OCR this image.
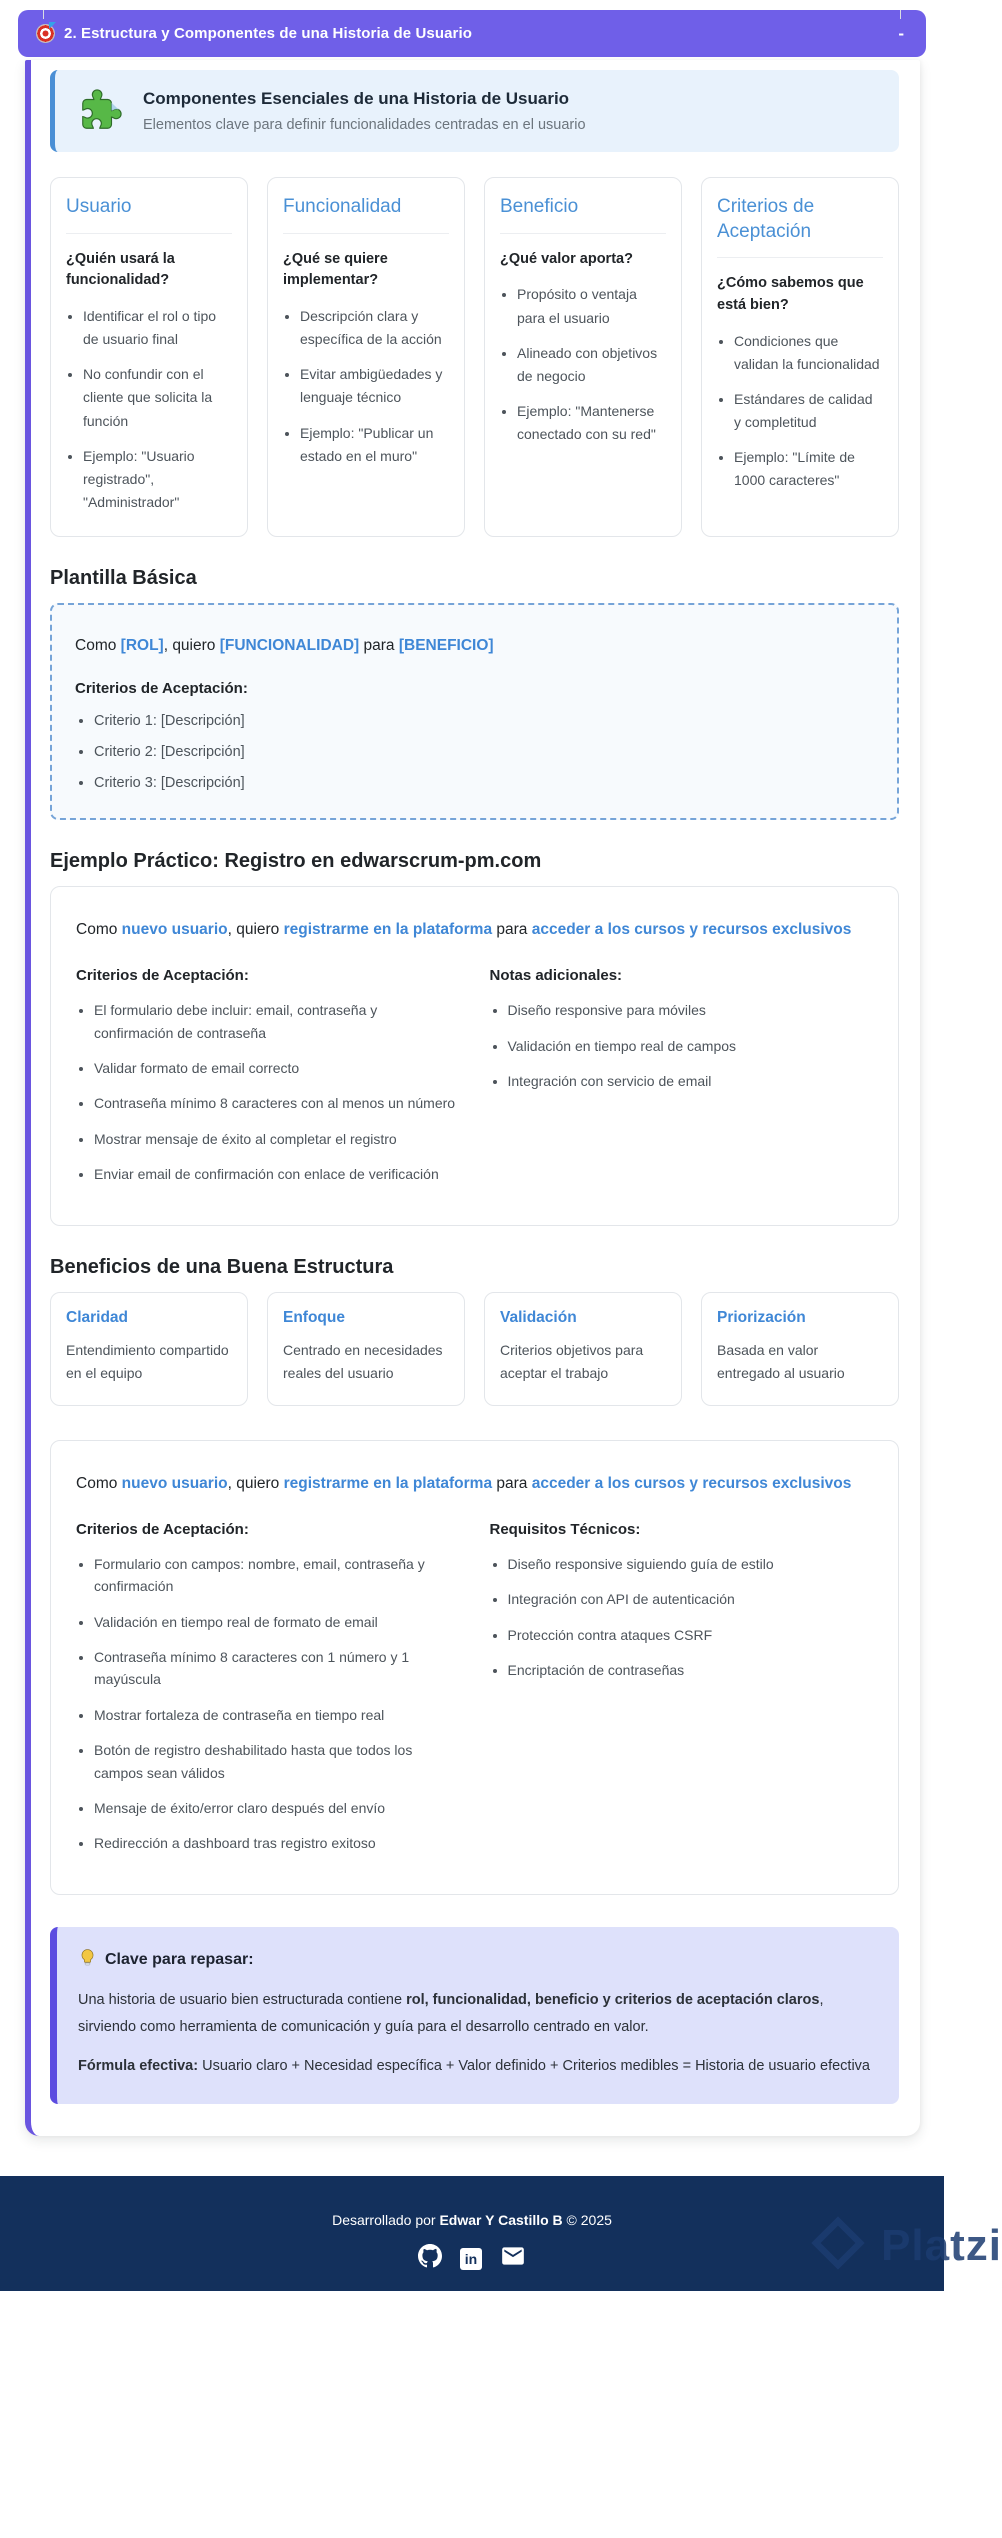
2. Estructura y Componentes de una Historia de Usuario	-
Componentes Esenciales de una Historia de Usuario
Elementos clave para definir funcionalidades centradas en el usuario
Usuario
¿Quién usará la funcionalidad?
• Identificar el rol o tipo de usuario final
• No confundir con el cliente que solicita la función
• Ejemplo: "Usuario registrado", "Administrador"
Funcionalidad
¿Qué se quiere implementar?
• Descripción clara y específica de la acción
• Evitar ambigüedades y lenguaje técnico
• Ejemplo: "Publicar un estado en el muro"
Beneficio
¿Qué valor aporta?
• Propósito o ventaja para el usuario
• Alineado con objetivos de negocio
• Ejemplo: "Mantenerse conectado con su red"
Criterios de Aceptación
¿Cómo sabemos que está bien?
• Condiciones que validan la funcionalidad
• Estándares de calidad y completitud
• Ejemplo: "Límite de 1000 caracteres"
Plantilla Básica
Como [ROL], quiero [FUNCIONALIDAD] para [BENEFICIO]
Criterios de Aceptación:
• Criterio 1: [Descripción]
• Criterio 2: [Descripción]
• Criterio 3: [Descripción]
Ejemplo Práctico: Registro en edwarscrum-pm.com
Como nuevo usuario, quiero registrarme en la plataforma para acceder a los cursos y recursos exclusivos
Criterios de Aceptación:
• El formulario debe incluir: email, contraseña y confirmación de contraseña
• Validar formato de email correcto
• Contraseña mínimo 8 caracteres con al menos un número
• Mostrar mensaje de éxito al completar el registro
• Enviar email de confirmación con enlace de verificación
Notas adicionales:
• Diseño responsive para móviles
• Validación en tiempo real de campos
• Integración con servicio de email
Beneficios de una Buena Estructura
Claridad
Entendimiento compartido en el equipo
Enfoque
Centrado en necesidades reales del usuario
Validación
Criterios objetivos para aceptar el trabajo
Priorización
Basada en valor entregado al usuario
Como nuevo usuario, quiero registrarme en la plataforma para acceder a los cursos y recursos exclusivos
Criterios de Aceptación:
• Formulario con campos: nombre, email, contraseña y confirmación
• Validación en tiempo real de formato de email
• Contraseña mínimo 8 caracteres con 1 número y 1 mayúscula
• Mostrar fortaleza de contraseña en tiempo real
• Botón de registro deshabilitado hasta que todos los campos sean válidos
• Mensaje de éxito/error claro después del envío
• Redirección a dashboard tras registro exitoso
Requisitos Técnicos:
• Diseño responsive siguiendo guía de estilo
• Integración con API de autenticación
• Protección contra ataques CSRF
• Encriptación de contraseñas
Clave para repasar:

Una historia de usuario bien estructurada contiene rol, funcionalidad, beneficio y criterios de aceptación claros, sirviendo como herramienta de comunicación y guía para el desarrollo centrado en valor.

Fórmula efectiva: Usuario claro + Necesidad específica + Valor definido + Criterios medibles = Historia de usuario efectiva

Desarrollado por Edwar Y Castillo B © 2025
in	Platzi
